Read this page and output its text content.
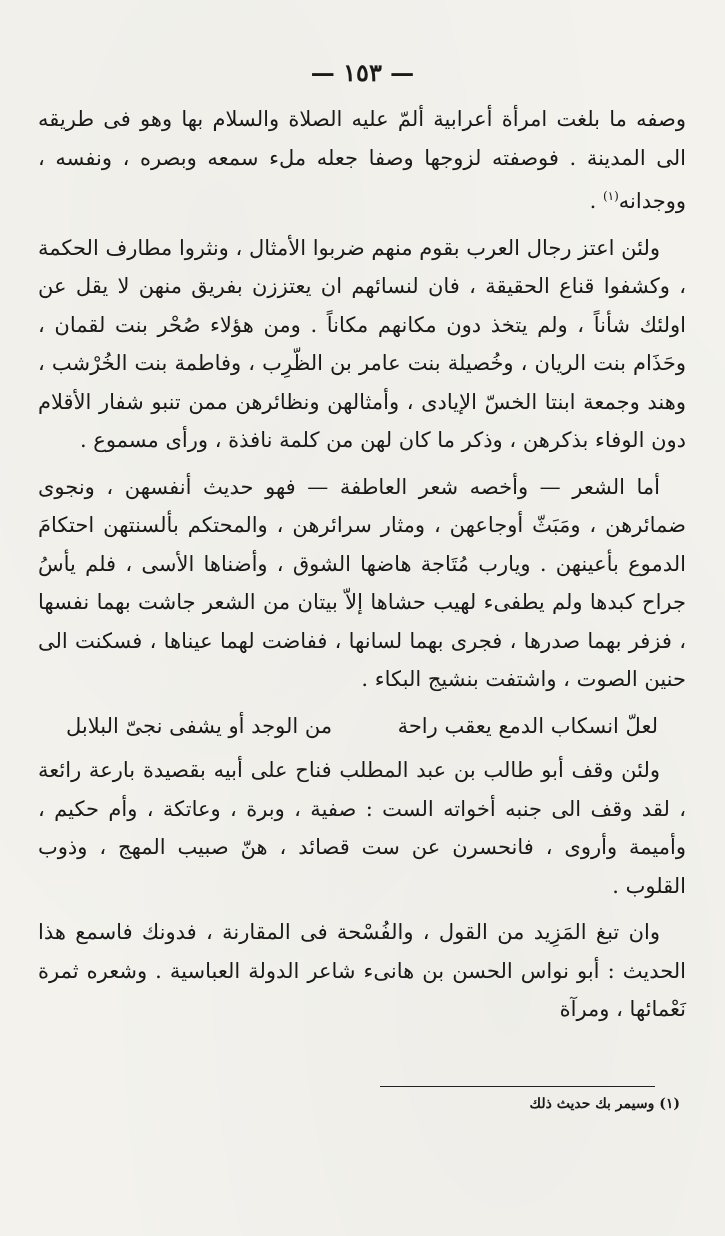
— ١٥٣ —

وصفه ما بلغت امرأة أعرابية ألمّ عليه الصلاة والسلام بها وهو فى طريقه الى المدينة . فوصفته لزوجها وصفا جعله ملء سمعه وبصره ، ونفسه ، ووجدانه$^{(١)}$ .

ولئن اعتز رجال العرب بقوم منهم ضربوا الأمثال ، ونثروا مطارف الحكمة ، وكشفوا قناع الحقيقة ، فان لنسائهم ان يعتززن بفريق منهن لا يقل عن اولئك شأناً ، ولم يتخذ دون مكانهم مكاناً . ومن هؤلاء صُحْر بنت لقمان ، وحَذَام بنت الريان ، وخُصيلة بنت عامر بن الظّرِب ، وفاطمة بنت الخُرْشب ، وهند وجمعة ابنتا الخسّ الإيادى ، وأمثالهن ونظائرهن ممن تنبو شفار الأقلام دون الوفاء بذكرهن ، وذكر ما كان لهن من كلمة نافذة ، ورأى مسموع .

أما الشعر — وأخصه شعر العاطفة — فهو حديث أنفسهن ، ونجوى ضمائرهن ، ومَبَثّ أوجاعهن ، ومثار سرائرهن ، والمحتكم بألسنتهن احتكامَ الدموع بأعينهن . ويارب مُتَاجة هاضها الشوق ، وأضناها الأسى ، فلم يأسُ جراح كبدها ولم يطفىء لهيب حشاها إلاّ بيتان من الشعر جاشت بهما نفسها ، فزفر بهما صدرها ، فجرى بهما لسانها ، ففاضت لهما عيناها ، فسكنت الى حنين الصوت ، واشتفت بنشيج البكاء .

لعلّ انسكاب الدمع يعقب راحة
من الوجد أو يشفى نجىّ البلابل

ولئن وقف أبو طالب بن عبد المطلب فناح على أبيه بقصيدة بارعة رائعة ، لقد وقف الى جنبه أخواته الست : صفية ، وبرة ، وعاتكة ، وأم حكيم ، وأميمة وأروى ، فانحسرن عن ست قصائد ، هنّ صبيب المهج ، وذوب القلوب .

وان تبغ المَزِيد من القول ، والفُسْحة فى المقارنة ، فدونك فاسمع هذا الحديث : أبو نواس الحسن بن هانىء شاعر الدولة العباسية . وشعره ثمرة نَعْمائها ، ومرآة

(١) وسيمر بك حديث ذلك
